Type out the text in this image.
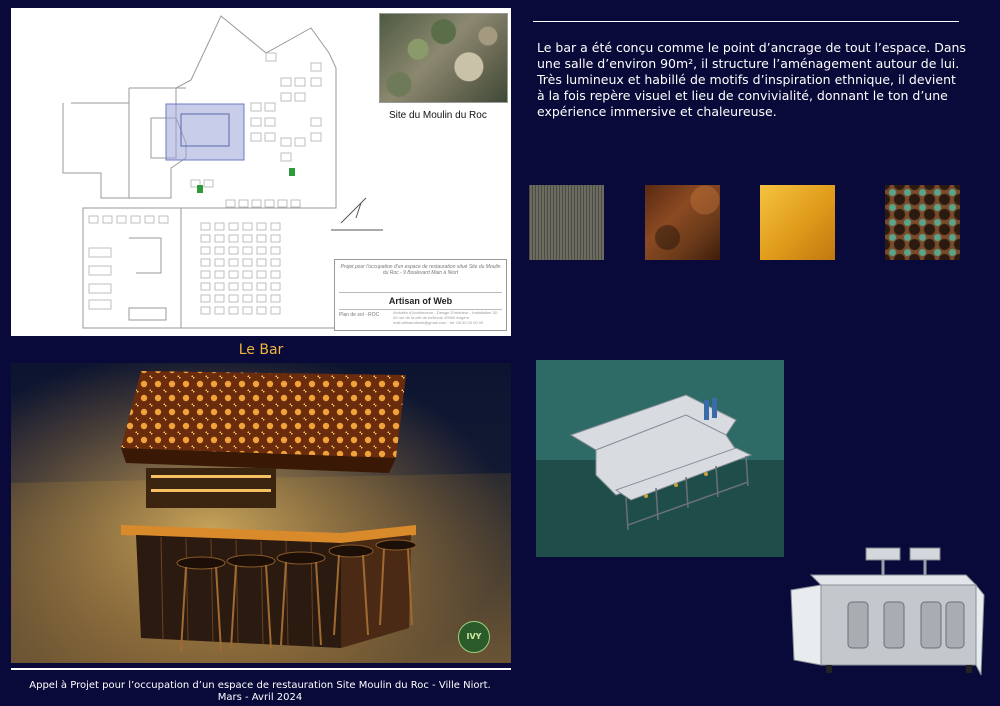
Site du Moulin du Roc
Projet pour l'occupation d'un espace de restauration situé Site du Moulin du Roc - 9 Boulevard Main à Niort
Artisan of Web
Plan de sol - ROC	Activités d'Architecture - Design D'intérieur - Installation 3D 40 rue de la cité de bellevue 49000 Angers mail.artisanofweb@gmail.com - tel: 06 00 00 00 00
Le Bar
IVY
Appel à Projet pour l’occupation d’un espace de restauration Site Moulin du Roc - Ville Niort.
Mars - Avril 2024
Le bar a été conçu comme le point d’ancrage de tout l’espace. Dans une salle d’environ 90m², il structure l’aménagement autour de lui. Très lumineux et habillé de motifs d’inspiration ethnique, il devient à la fois repère visuel et lieu de convivialité, donnant le ton d’une expérience immersive et chaleureuse.
